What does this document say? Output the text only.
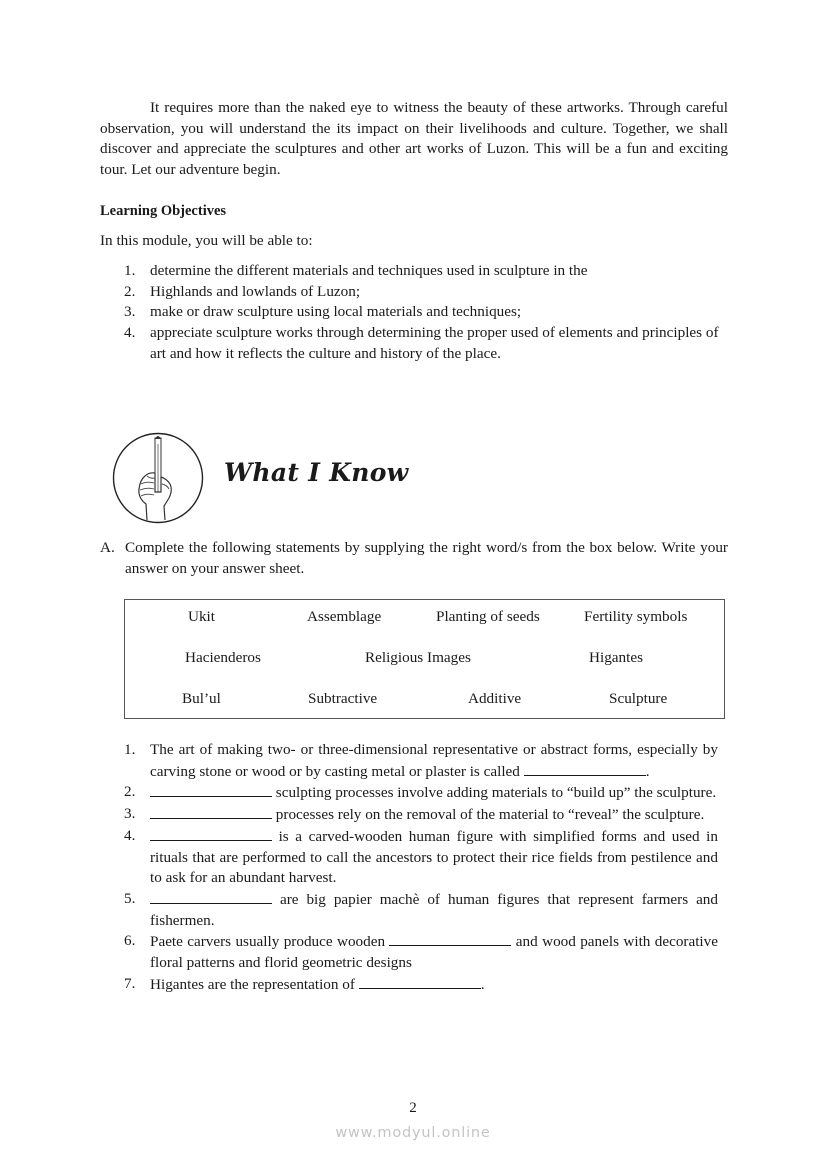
It requires more than the naked eye to witness the beauty of these artworks. Through careful observation, you will understand the its impact on their livelihoods and culture. Together, we shall discover and appreciate the sculptures and other art works of Luzon. This will be a fun and exciting tour. Let our adventure begin.
Learning Objectives
In this module, you will be able to:
1. determine the different materials and techniques used in sculpture in the
2. Highlands and lowlands of Luzon;
3. make or draw sculpture using local materials and techniques;
4. appreciate sculpture works through determining the proper used of elements and principles of art and how it reflects the culture and history of the place.
What I Know
A. Complete the following statements by supplying the right word/s from the box below. Write your answer on your answer sheet.
Ukit	Assemblage	Planting of seeds	Fertility symbols
Hacienderos	Religious Images	Higantes
Bul’ul	Subtractive	Additive	Sculpture
1. The art of making two- or three-dimensional representative or abstract forms, especially by carving stone or wood or by casting metal or plaster is called	.
2.	sculpting processes involve adding materials to “build up” the sculpture.
3.	processes rely on the removal of the material to “reveal” the sculpture.
4.	is a carved-wooden human figure with simplified forms and used in rituals that are performed to call the ancestors to protect their rice fields from pestilence and to ask for an abundant harvest.
5.	are big papier machè of human figures that represent farmers and fishermen.
6. Paete carvers usually produce wooden	and wood panels with decorative floral patterns and florid geometric designs
7. Higantes are the representation of	.
2
www.modyul.online
